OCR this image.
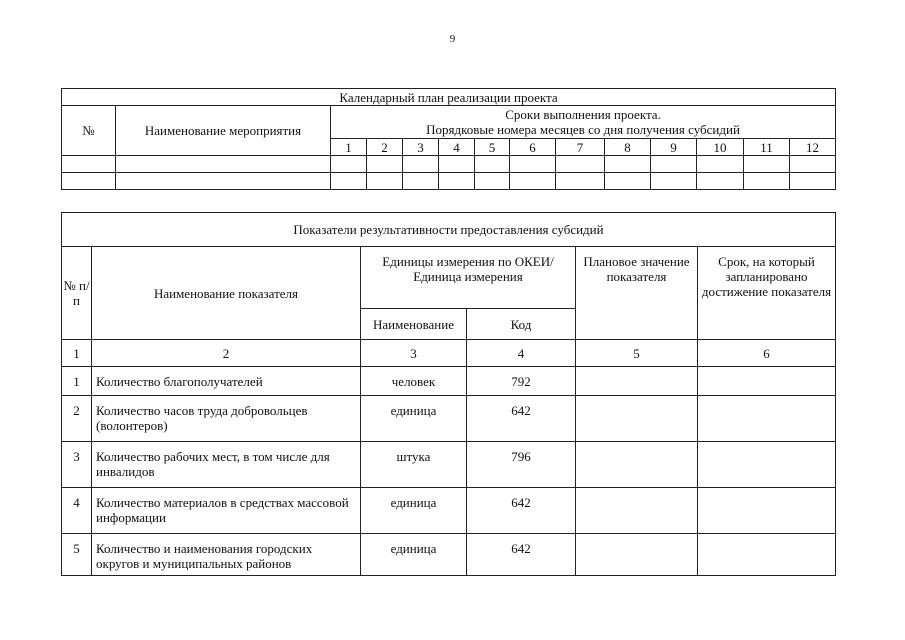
9
Календарный план реализации проекта													
№	Наименование мероприятия	Сроки выполнения проекта.
Порядковые номера месяцев со дня получения субсидий											

		1	2	3	4	5	6	7	8	9	10	11	12

Показатели результативности предоставления субсидий					
№ п/п	Наименование показателя	Единицы измерения по ОКЕИ/ Единица измерения		Плановое значение показателя	Срок, на который запланировано достижение показателя
		Наименование	Код		
1	2	3	4	5	6
1	Количество благополучателей	человек	792		
2	Количество часов труда добровольцев (волонтеров)	единица	642		
3	Количество рабочих мест, в том числе для инвалидов	штука	796		
4	Количество материалов в средствах массовой информации	единица	642		
5	Количество и наименования городских округов и муниципальных районов	единица	642		
